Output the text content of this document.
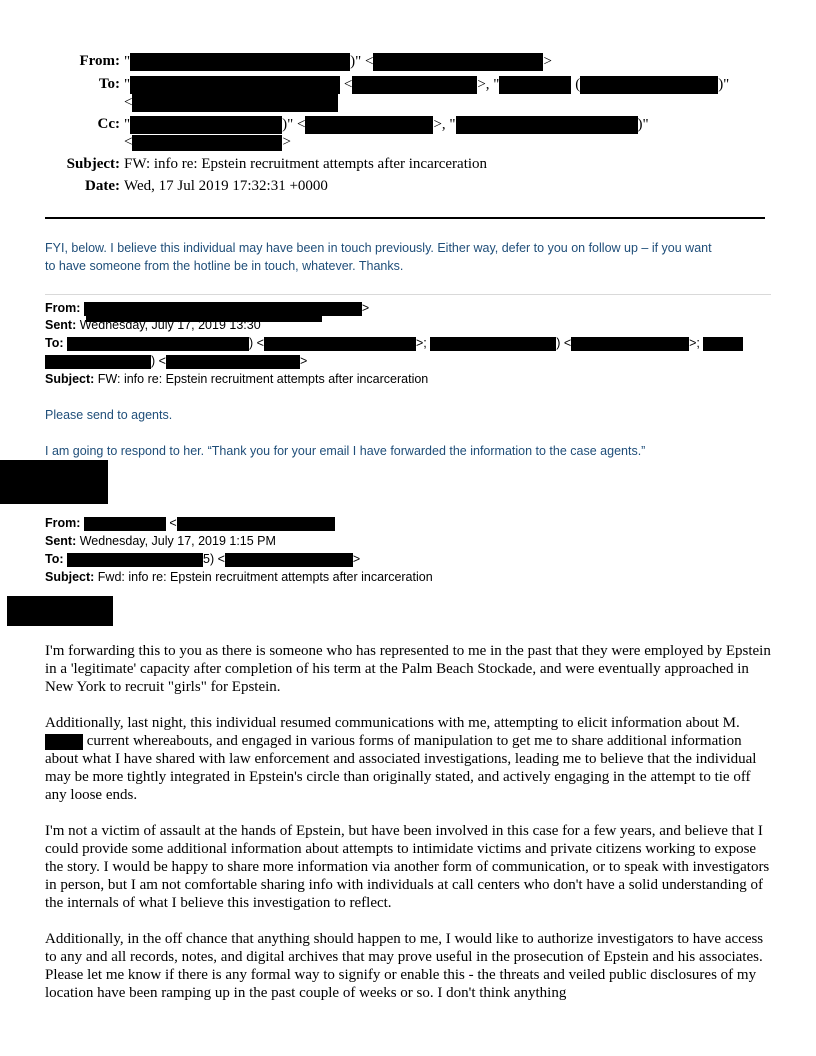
From: "	)" <	>
To: "	<	>, "	(	)"
<
Cc: "	)" <	>, "	)"
<	>
Subject: FW: info re: Epstein recruitment attempts after incarceration
Date: Wed, 17 Jul 2019 17:32:31 +0000
FYI, below. I believe this individual may have been in touch previously. Either way, defer to you on follow up – if you want
to have someone from the hotline be in touch, whatever. Thanks.
From:	>
Sent: Wednesday, July 17, 2019 13:30
To:	) <	>;	) <	>;
) <	>
Subject: FW: info re: Epstein recruitment attempts after incarceration
Please send to agents.
I am going to respond to her. “Thank you for your email I have forwarded the information to the case agents.”
From:	<
Sent: Wednesday, July 17, 2019 1:15 PM
To:	5) <	>
Subject: Fwd: info re: Epstein recruitment attempts after incarceration
I'm forwarding this to you as there is someone who has represented to me in the past that they were employed by Epstein in a 'legitimate' capacity after completion of his term at the Palm Beach Stockade, and were eventually approached in New York to recruit "girls" for Epstein.
Additionally, last night, this individual resumed communications with me, attempting to elicit information about M.  current whereabouts, and engaged in various forms of manipulation to get me to share additional information about what I have shared with law enforcement and associated investigations, leading me to believe that the individual may be more tightly integrated in Epstein's circle than originally stated, and actively engaging in the attempt to tie off any loose ends.
I'm not a victim of assault at the hands of Epstein, but have been involved in this case for a few years, and believe that I could provide some additional information about attempts to intimidate victims and private citizens working to expose the story. I would be happy to share more information via another form of communication, or to speak with investigators in person, but I am not comfortable sharing info with individuals at call centers who don't have a solid understanding of the internals of what I believe this investigation to reflect.
Additionally, in the off chance that anything should happen to me, I would like to authorize investigators to have access to any and all records, notes, and digital archives that may prove useful in the prosecution of Epstein and his associates. Please let me know if there is any formal way to signify or enable this - the threats and veiled public disclosures of my location have been ramping up in the past couple of weeks or so. I don't think anything
